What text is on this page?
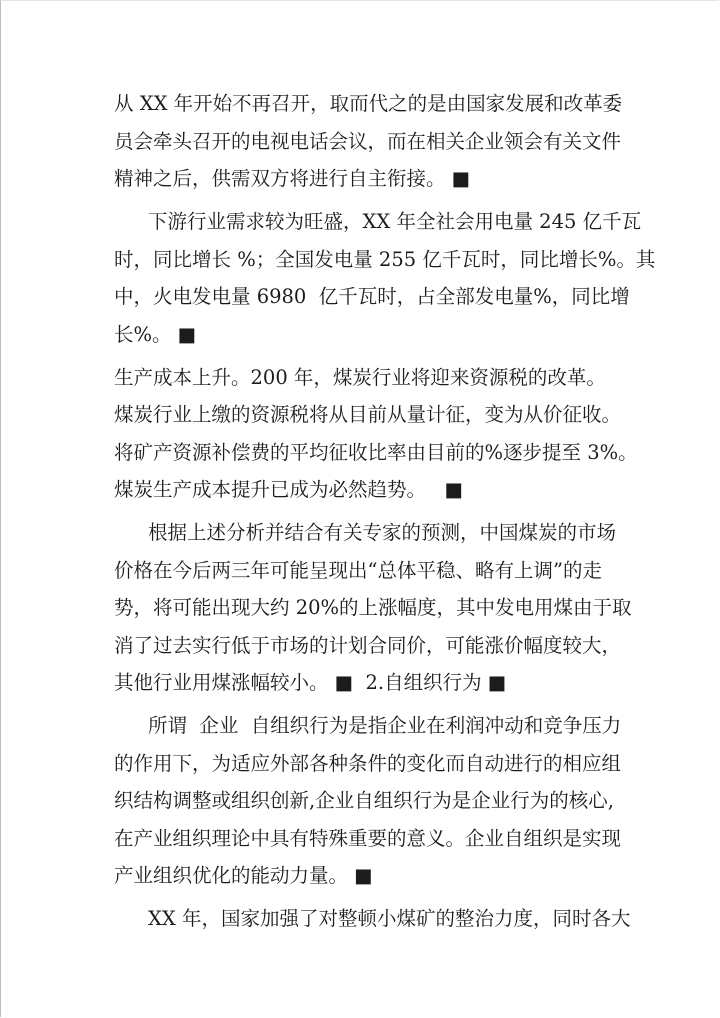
从 XX 年开始不再召开，取而代之的是由国家发展和改革委
员会牵头召开的电视电话会议，而在相关企业领会有关文件
精神之后，供需双方将进行自主衔接。 ■
下游行业需求较为旺盛，XX 年全社会用电量 245 亿千瓦
时，同比增长 %；全国发电量 255 亿千瓦时，同比增长%。其
中，火电发电量 6980  亿千瓦时，占全部发电量%，同比增
长%。 ■
生产成本上升。200 年，煤炭行业将迎来资源税的改革。
煤炭行业上缴的资源税将从目前从量计征，变为从价征收。
将矿产资源补偿费的平均征收比率由目前的%逐步提至 3%。
煤炭生产成本提升已成为必然趋势。   ■
根据上述分析并结合有关专家的预测，中国煤炭的市场
价格在今后两三年可能呈现出“总体平稳、略有上调”的走
势，将可能出现大约 20%的上涨幅度，其中发电用煤由于取
消了过去实行低于市场的计划合同价，可能涨价幅度较大，
其他行业用煤涨幅较小。 ■  2.自组织行为 ■
所谓  企业  自组织行为是指企业在利润冲动和竞争压力
的作用下，为适应外部各种条件的变化而自动进行的相应组
织结构调整或组织创新,企业自组织行为是企业行为的核心,
在产业组织理论中具有特殊重要的意义。企业自组织是实现
产业组织优化的能动力量。 ■
XX 年，国家加强了对整顿小煤矿的整治力度，同时各大
